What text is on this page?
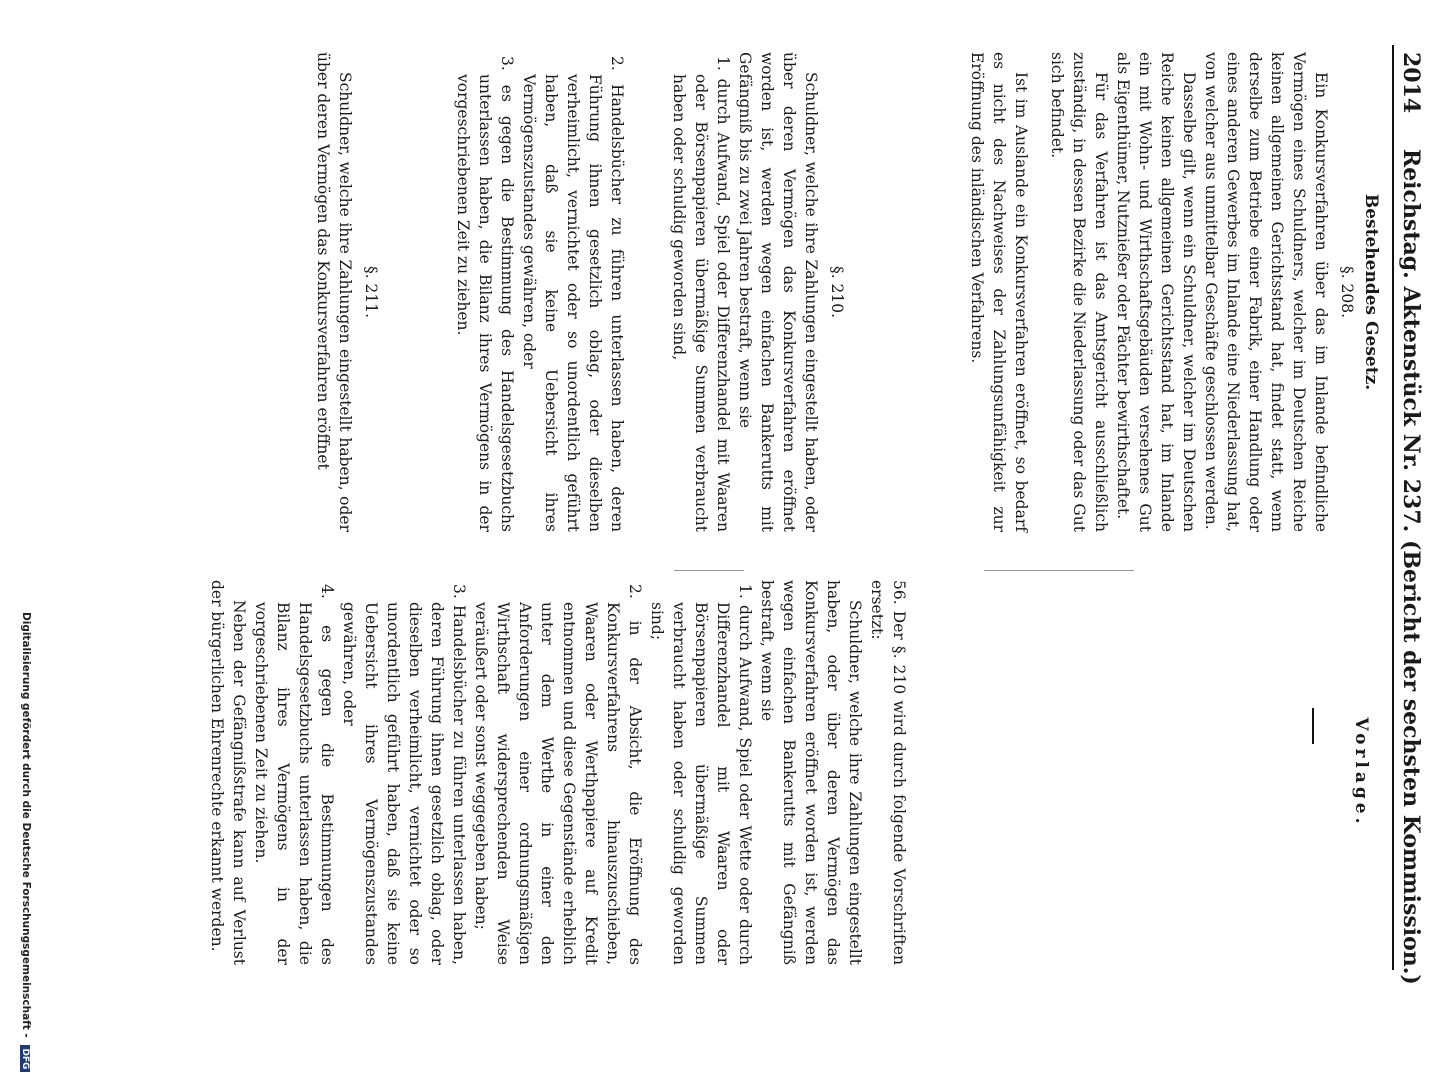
2014 Reichstag. Aktenstück Nr. 237. (Bericht der sechsten Kommission.)

Bestehendes Gesetz.

§. 208.

Ein Konkursverfahren über das im Inlande befindliche Vermögen eines Schuldners, welcher im Deutschen Reiche keinen allgemeinen Gerichtsstand hat, findet statt, wenn derselbe zum Betriebe einer Fabrik, einer Handlung oder eines anderen Gewerbes im Inlande eine Niederlassung hat, von welcher aus unmittelbar Geschäfte geschlossen werden.

Dasselbe gilt, wenn ein Schuldner, welcher im Deutschen Reiche keinen allgemeinen Gerichtsstand hat, im Inlande ein mit Wohn- und Wirthschaftsgebäuden versehenes Gut als Eigenthümer, Nutznießer oder Pächter bewirthschaftet.

Für das Verfahren ist das Amtsgericht ausschließlich zuständig, in dessen Bezirke die Niederlassung oder das Gut sich befindet.

Ist im Auslande ein Konkursverfahren eröffnet, so bedarf es nicht des Nachweises der Zahlungsunfähigkeit zur Eröffnung des inländischen Verfahrens.

§. 210.

Schuldner, welche ihre Zahlungen eingestellt haben, oder über deren Vermögen das Konkursverfahren eröffnet worden ist, werden wegen einfachen Bankerutts mit Gefängniß bis zu zwei Jahren bestraft, wenn sie

1. durch Aufwand, Spiel oder Differenzhandel mit Waaren oder Börsenpapieren übermäßige Summen verbraucht haben oder schuldig geworden sind,

2. Handelsbücher zu führen unterlassen haben, deren Führung ihnen gesetzlich oblag, oder dieselben verheimlicht, vernichtet oder so unordentlich geführt haben, daß sie keine Uebersicht ihres Vermögenszustandes gewähren, oder

3. es gegen die Bestimmung des Handelsgesetzbuchs unterlassen haben, die Bilanz ihres Vermögens in der vorgeschriebenen Zeit zu ziehen.

§. 211.

Schuldner, welche ihre Zahlungen eingestellt haben, oder über deren Vermögen das Konkursverfahren eröffnet

Vorlage.

56. Der §. 210 wird durch folgende Vorschriften ersetzt:

Schuldner, welche ihre Zahlungen eingestellt haben, oder über deren Vermögen das Konkursverfahren eröffnet worden ist, werden wegen einfachen Bankerutts mit Gefängniß bestraft, wenn sie

1. durch Aufwand, Spiel oder Wette oder durch Differenzhandel mit Waaren oder Börsenpapieren übermäßige Summen verbraucht haben oder schuldig geworden sind;

2. in der Absicht, die Eröffnung des Konkursverfahrens hinauszuschieben, Waaren oder Werthpapiere auf Kredit entnommen und diese Gegenstände erheblich unter dem Werthe in einer den Anforderungen einer ordnungsmäßigen Wirthschaft widersprechenden Weise veräußert oder sonst weggegeben haben;

3. Handelsbücher zu führen unterlassen haben, deren Führung ihnen gesetzlich oblag, oder dieselben verheimlicht, vernichtet oder so unordentlich geführt haben, daß sie keine Uebersicht ihres Vermögenszustandes gewähren, oder

4. es gegen die Bestimmungen des Handelsgesetzbuchs unterlassen haben, die Bilanz ihres Vermögens in der vorgeschriebenen Zeit zu ziehen.

Neben der Gefängnißstrafe kann auf Verlust der bürgerlichen Ehrenrechte erkannt werden.

Digitalisierung gefördert durch die Deutsche Forschungsgemeinschaft - DFG
